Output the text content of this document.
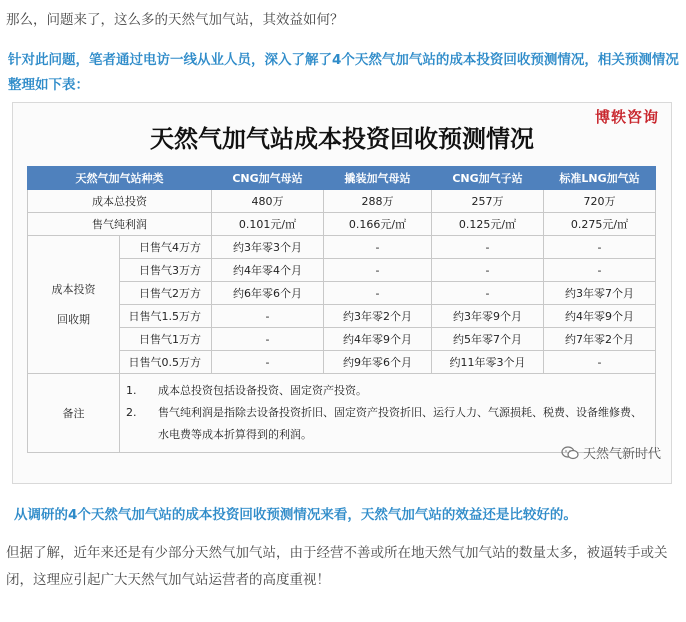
那么，问题来了，这么多的天然气加气站，其效益如何？
针对此问题，笔者通过电访一线从业人员，深入了解了4个天然气加气站的成本投资回收预测情况，相关预测情况整理如下表：
博轶咨询
天然气加气站成本投资回收预测情况
天然气加气站种类		CNG加气母站	撬装加气母站	CNG加气子站	标准LNG加气站
成本总投资		480万	288万	257万	720万
售气纯利润		0.101元/㎡	0.166元/㎡	0.125元/㎡	0.275元/㎡

成本投资
回收期	日售气4万方	约3年零3个月	-	-	-
	日售气3万方	约4年零4个月	-	-	-
	日售气2万方	约6年零6个月	-	-	约3年零7个月
	日售气1.5万方	-	约3年零2个月	约3年零9个月	约4年零9个月
	日售气1万方	-	约4年零9个月	约5年零7个月	约7年零2个月
	日售气0.5万方	-	约9年零6个月	约11年零3个月	-
备注	1. 成本总投资包括设备投资、固定资产投资。
2. 售气纯利润是指除去设备投资折旧、固定资产投资折旧、运行人力、气源损耗、税费、设备维修费、水电费等成本折算得到的利润。				
天然气新时代
从调研的4个天然气加气站的成本投资回收预测情况来看，天然气加气站的效益还是比较好的。
但据了解，近年来还是有少部分天然气加气站，由于经营不善或所在地天然气加气站的数量太多，被逼转手或关闭，这理应引起广大天然气加气站运营者的高度重视！
